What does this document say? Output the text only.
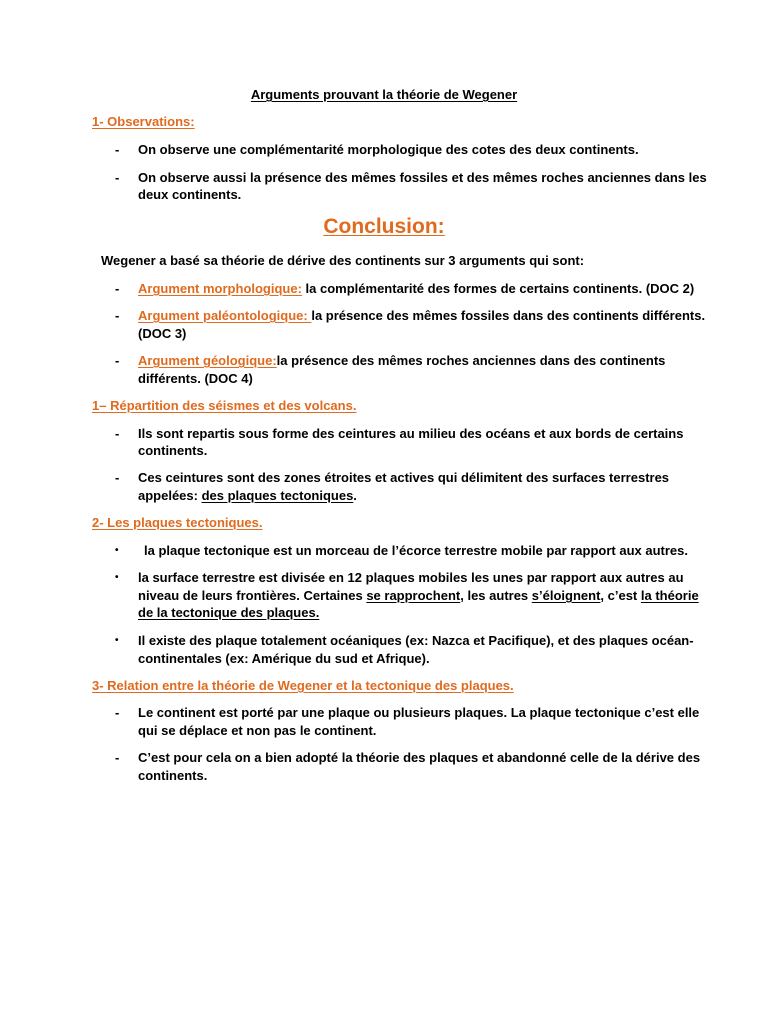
Arguments prouvant la théorie de Wegener
1- Observations:
-	On observe une complémentarité morphologique des cotes des deux continents.
-	On observe aussi la présence des mêmes fossiles et des mêmes roches anciennes dans les
deux continents.
Conclusion:
Wegener a basé sa théorie de dérive des continents sur 3 arguments qui sont:
-	Argument morphologique: la complémentarité des formes de certains continents. (DOC 2)
-	Argument paléontologique: la présence des mêmes fossiles dans des continents différents.
(DOC 3)
-	Argument géologique:la présence des mêmes roches anciennes dans des continents
différents. (DOC 4)
1– Répartition des séismes et des volcans.
-	Ils sont repartis sous forme des ceintures au milieu des océans et aux bords de certains
continents.
-	Ces ceintures sont des zones étroites et actives qui délimitent des surfaces terrestres
appelées: des plaques tectoniques.
2- Les plaques tectoniques.
•	la plaque tectonique est un morceau de l’écorce terrestre mobile par rapport aux autres.
•	la surface terrestre est divisée en 12 plaques mobiles les unes par rapport aux autres au
niveau de leurs frontières. Certaines se rapprochent, les autres s’éloignent, c’est la théorie
de la tectonique des plaques.
•	Il existe des plaque totalement océaniques (ex: Nazca et Pacifique), et des plaques océan-
continentales (ex: Amérique du sud et Afrique).
3- Relation entre la théorie de Wegener et la tectonique des plaques.
-	Le continent est porté par une plaque ou plusieurs plaques. La plaque tectonique c’est elle
qui se déplace et non pas le continent.
-	C’est pour cela on a bien adopté la théorie des plaques et abandonné celle de la dérive des
continents.
